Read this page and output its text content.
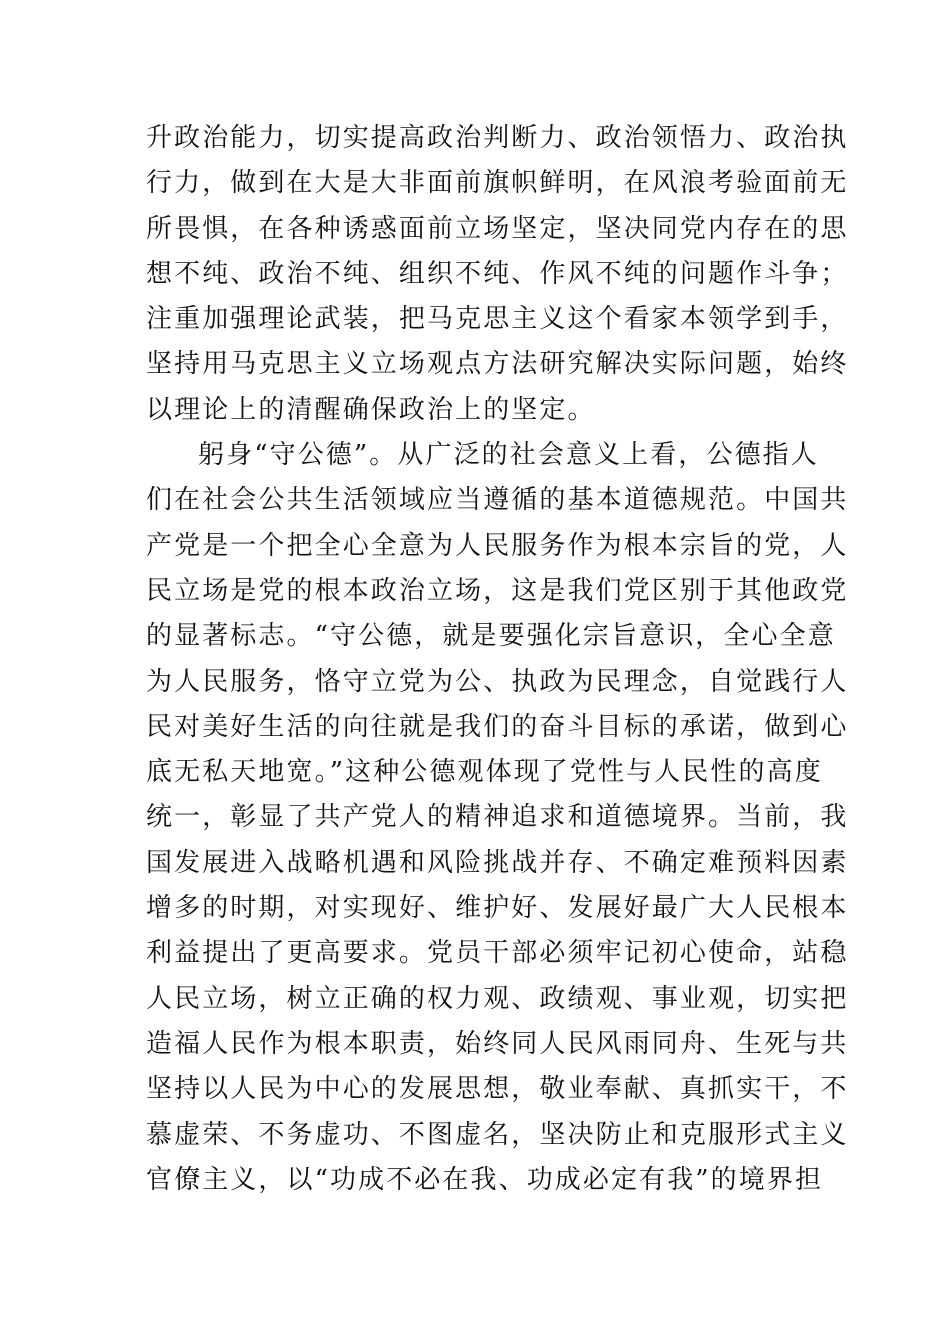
升政治能力，切实提高政治判断力、政治领悟力、政治执
行力，做到在大是大非面前旗帜鲜明，在风浪考验面前无
所畏惧，在各种诱惑面前立场坚定，坚决同党内存在的思
想不纯、政治不纯、组织不纯、作风不纯的问题作斗争；
注重加强理论武装，把马克思主义这个看家本领学到手，
坚持用马克思主义立场观点方法研究解决实际问题，始终
以理论上的清醒确保政治上的坚定。
躬身“守公德”。从广泛的社会意义上看，公德指人
们在社会公共生活领域应当遵循的基本道德规范。中国共
产党是一个把全心全意为人民服务作为根本宗旨的党，人
民立场是党的根本政治立场，这是我们党区别于其他政党
的显著标志。“守公德，就是要强化宗旨意识，全心全意
为人民服务，恪守立党为公、执政为民理念，自觉践行人
民对美好生活的向往就是我们的奋斗目标的承诺，做到心
底无私天地宽。”这种公德观体现了党性与人民性的高度
统一，彰显了共产党人的精神追求和道德境界。当前，我
国发展进入战略机遇和风险挑战并存、不确定难预料因素
增多的时期，对实现好、维护好、发展好最广大人民根本
利益提出了更高要求。党员干部必须牢记初心使命，站稳
人民立场，树立正确的权力观、政绩观、事业观，切实把
造福人民作为根本职责，始终同人民风雨同舟、生死与共
坚持以人民为中心的发展思想，敬业奉献、真抓实干，不
慕虚荣、不务虚功、不图虚名，坚决防止和克服形式主义
官僚主义，以“功成不必在我、功成必定有我”的境界担
